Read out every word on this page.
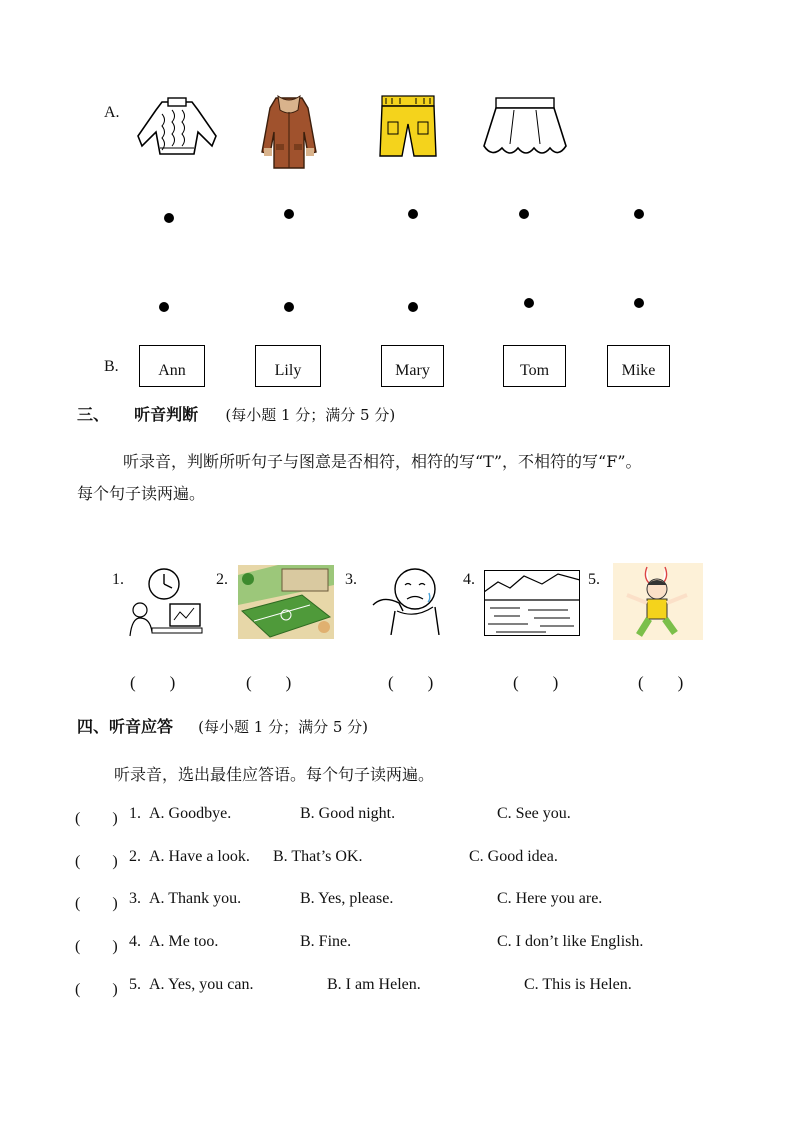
A.
B.	Ann	Lily	Mary	Tom	Mike
三、 听音判断 (每小题 1 分；满分 5 分)
听录音，判断所听句子与图意是否相符，相符的写“T”，不相符的写“F”。
每个句子读两遍。
1.	2.	3.	4.	5.
(　　)	(　　)	(　　)	(　　)	(　　)
四、听音应答 (每小题 1 分；满分 5 分)
听录音，选出最佳应答语。每个句子读两遍。
(　　) 1. A. Goodbye.	B. Good night.	C. See you.
(　　) 2. A. Have a look. B. That’s OK.	C. Good idea.
(　　) 3. A. Thank you.	B. Yes, please.	C. Here you are.
(　　) 4. A. Me too.	B. Fine.	C. I don’t like English.
(　　) 5. A. Yes, you can.	B. I am Helen.	C. This is Helen.
